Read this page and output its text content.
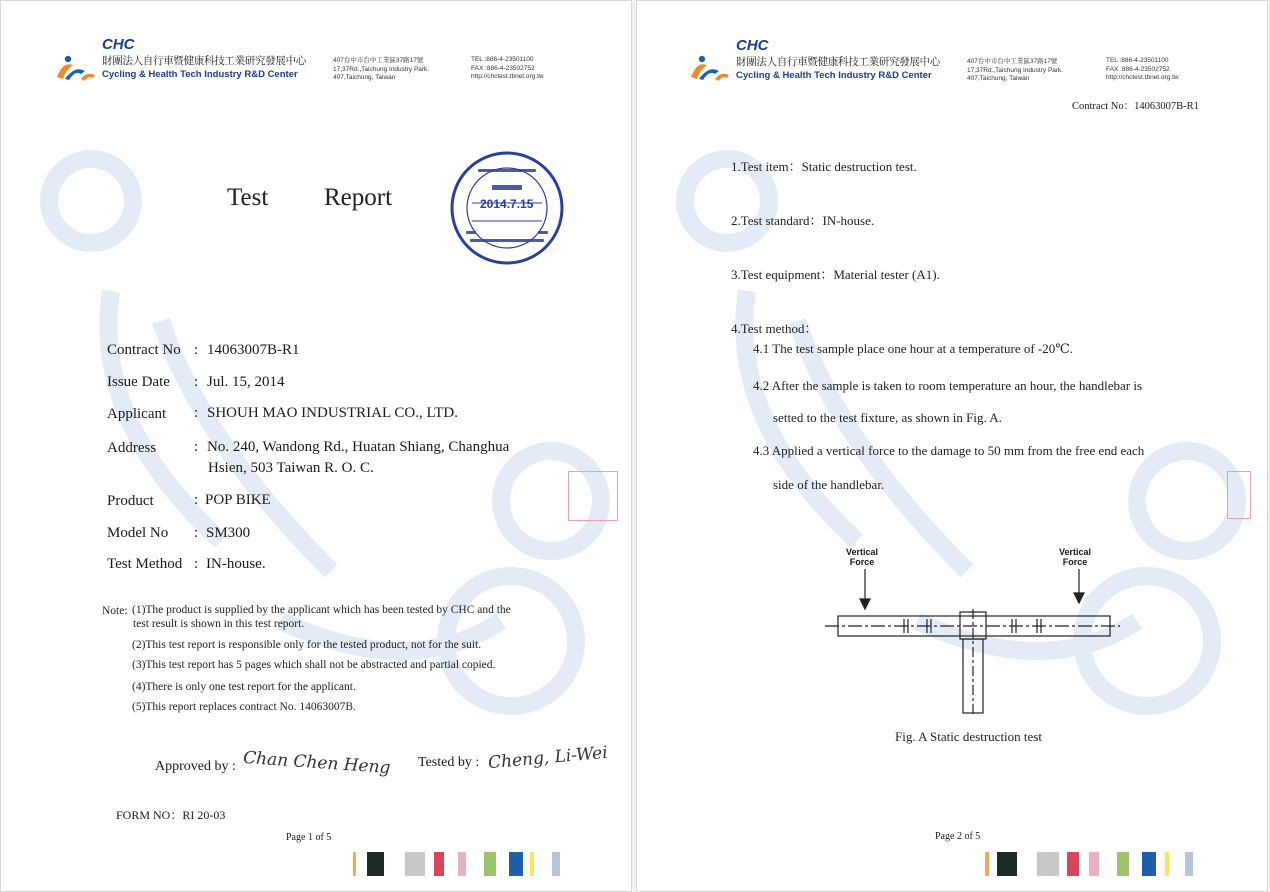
CHC
財團法人自行車暨健康科技工業研究發展中心
Cycling & Health Tech Industry R&D Center
407台中市台中工業區37路17號
17,37Rd.,Taichung Industry Park.
407,Taichung, Taiwan
TEL :886-4-23501100
FAX :886-4-23502752
http://chctest.tbnet.org.tw
Test Report	2014.7.15
Contract No : 14063007B-R1
Issue Date : Jul. 15, 2014
Applicant : SHOUH MAO INDUSTRIAL CO., LTD.
Address	: No. 240, Wandong Rd., Huatan Shiang, Changhua
Hsien, 503 Taiwan R. O. C.
Product	: POP BIKE
Model No : SM300
Test Method : IN-house.
Note: (1)The product is supplied by the applicant which has been tested by CHC and the
test result is shown in this test report.
(2)This test report is responsible only for the tested product, not for the suit.
(3)This test report has 5 pages which shall not be abstracted and partial copied.
(4)There is only one test report for the applicant.
(5)This report replaces contract No. 14063007B.
Approved by : Chan Chen Heng Tested by : Cheng, Li-Wei
FORM NO：RI 20-03
Page 1 of 5
CHC
財團法人自行車暨健康科技工業研究發展中心
Cycling & Health Tech Industry R&D Center
407台中市台中工業區37路17號
17,37Rd.,Taichung Industry Park.
407,Taichung, Taiwan
TEL :886-4-23501100
FAX :886-4-23502752
http://chctest.tbnet.org.tw
Contract No：14063007B-R1
1.Test item：Static destruction test.
2.Test standard：IN-house.
3.Test equipment：Material tester (A1).
4.Test method：
4.1 The test sample place one hour at a temperature of -20℃.
4.2 After the sample is taken to room temperature an hour, the handlebar is
setted to the test fixture, as shown in Fig. A.
4.3 Applied a vertical force to the damage to 50 mm from the free end each
side of the handlebar.
Vertical
Force
Vertical
Force
Fig. A Static destruction test
Page 2 of 5
